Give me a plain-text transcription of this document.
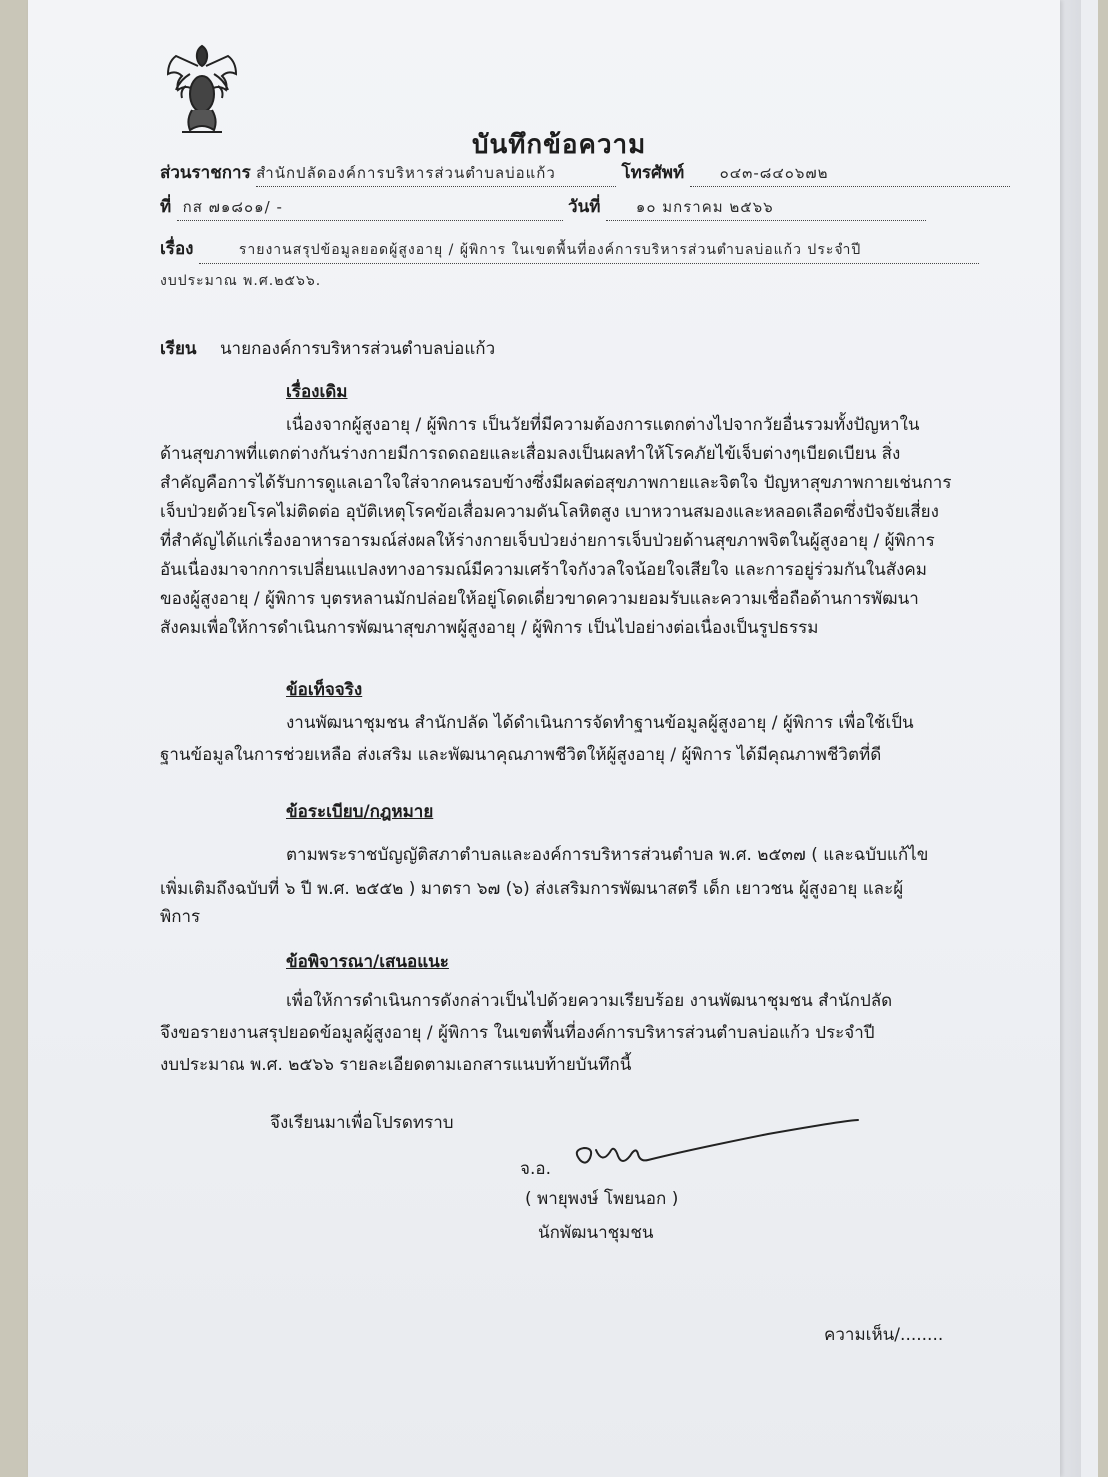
บันทึกข้อความ
ส่วนราชการ สำนักปลัดองค์การบริหารส่วนตำบลบ่อแก้ว	โทรศัพท์ ๐๔๓-๘๔๐๖๗๒
ที่ กส ๗๑๘๐๑/ -	วันที่ ๑๐ มกราคม ๒๕๖๖
เรื่อง	รายงานสรุปข้อมูลยอดผู้สูงอายุ / ผู้พิการ ในเขตพื้นที่องค์การบริหารส่วนตำบลบ่อแก้ว ประจำปี
งบประมาณ พ.ศ.๒๕๖๖.
เรียน นายกองค์การบริหารส่วนตำบลบ่อแก้ว
เรื่องเดิม
เนื่องจากผู้สูงอายุ / ผู้พิการ เป็นวัยที่มีความต้องการแตกต่างไปจากวัยอื่นรวมทั้งปัญหาใน
ด้านสุขภาพที่แตกต่างกันร่างกายมีการถดถอยและเสื่อมลงเป็นผลทำให้โรคภัยไข้เจ็บต่างๆเบียดเบียน สิ่ง
สำคัญคือการได้รับการดูแลเอาใจใส่จากคนรอบข้างซึ่งมีผลต่อสุขภาพกายและจิตใจ ปัญหาสุขภาพกายเช่นการ
เจ็บป่วยด้วยโรคไม่ติดต่อ อุบัติเหตุโรคข้อเสื่อมความดันโลหิตสูง เบาหวานสมองและหลอดเลือดซึ่งปัจจัยเสี่ยง
ที่สำคัญได้แก่เรื่องอาหารอารมณ์ส่งผลให้ร่างกายเจ็บป่วยง่ายการเจ็บป่วยด้านสุขภาพจิตในผู้สูงอายุ / ผู้พิการ
อันเนื่องมาจากการเปลี่ยนแปลงทางอารมณ์มีความเศร้าใจกังวลใจน้อยใจเสียใจ และการอยู่ร่วมกันในสังคม
ของผู้สูงอายุ / ผู้พิการ บุตรหลานมักปล่อยให้อยู่โดดเดี่ยวขาดความยอมรับและความเชื่อถือด้านการพัฒนา
สังคมเพื่อให้การดำเนินการพัฒนาสุขภาพผู้สูงอายุ / ผู้พิการ เป็นไปอย่างต่อเนื่องเป็นรูปธรรม
ข้อเท็จจริง
งานพัฒนาชุมชน สำนักปลัด ได้ดำเนินการจัดทำฐานข้อมูลผู้สูงอายุ / ผู้พิการ เพื่อใช้เป็น
ฐานข้อมูลในการช่วยเหลือ ส่งเสริม และพัฒนาคุณภาพชีวิตให้ผู้สูงอายุ / ผู้พิการ ได้มีคุณภาพชีวิตที่ดี
ข้อระเบียบ/กฎหมาย
ตามพระราชบัญญัติสภาตำบลและองค์การบริหารส่วนตำบล พ.ศ. ๒๕๓๗ ( และฉบับแก้ไข
เพิ่มเติมถึงฉบับที่ ๖ ปี พ.ศ. ๒๕๕๒ ) มาตรา ๖๗ (๖) ส่งเสริมการพัฒนาสตรี เด็ก เยาวชน ผู้สูงอายุ และผู้
พิการ
ข้อพิจารณา/เสนอแนะ
เพื่อให้การดำเนินการดังกล่าวเป็นไปด้วยความเรียบร้อย งานพัฒนาชุมชน สำนักปลัด
จึงขอรายงานสรุปยอดข้อมูลผู้สูงอายุ / ผู้พิการ ในเขตพื้นที่องค์การบริหารส่วนตำบลบ่อแก้ว ประจำปี
งบประมาณ พ.ศ. ๒๕๖๖ รายละเอียดตามเอกสารแนบท้ายบันทึกนี้
จึงเรียนมาเพื่อโปรดทราบ
จ.อ.
( พายุพงษ์ โพยนอก )
นักพัฒนาชุมชน
ความเห็น/........
